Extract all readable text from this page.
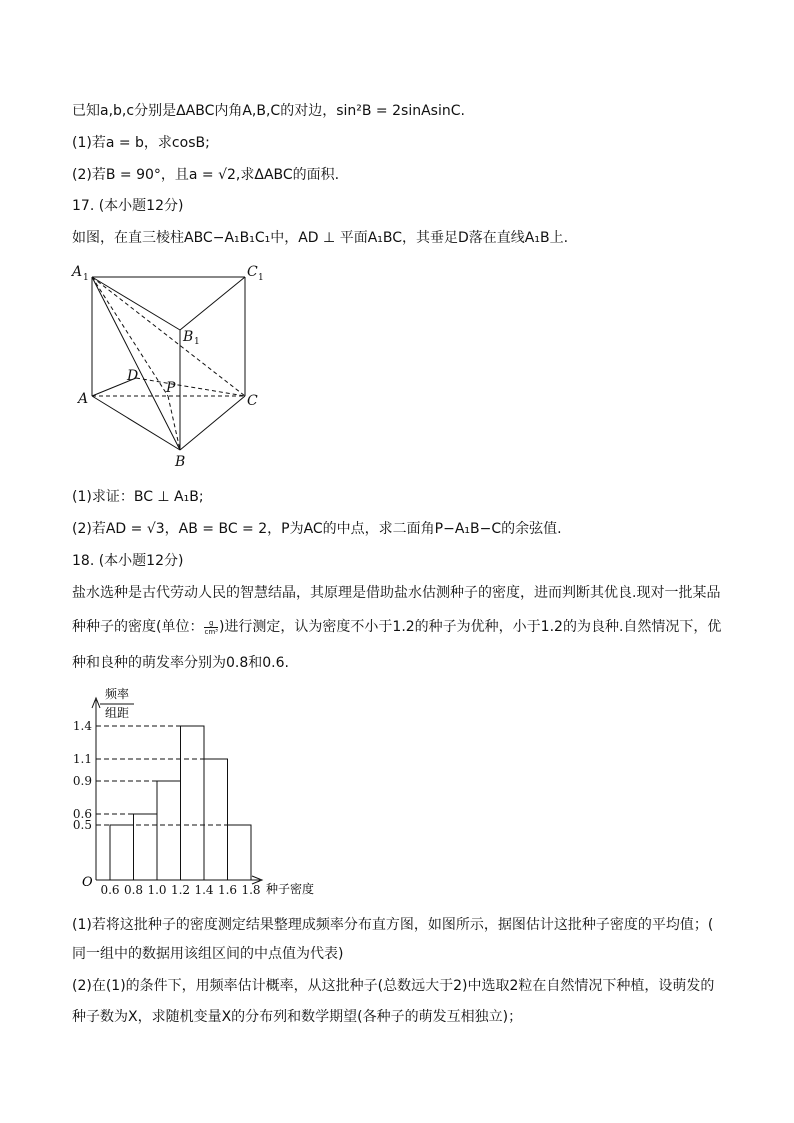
已知a,b,c分别是ΔABC内角A,B,C的对边，sin²B = 2sinAsinC.
(1)若a = b，求cosB;
(2)若B = 90°，且a = √2,求ΔABC的面积.
17. (本小题12分)
如图，在直三棱柱ABC−A₁B₁C₁中，AD ⊥ 平面A₁BC，其垂足D落在直线A₁B上.
A 1	C 1
B 1
D
P
A	C
B
(1)求证：BC ⊥ A₁B;
(2)若AD = √3，AB = BC = 2，P为AC的中点，求二面角P−A₁B−C的余弦值.
18. (本小题12分)
盐水选种是古代劳动人民的智慧结晶，其原理是借助盐水估测种子的密度，进而判断其优良.现对一批某品
种种子的密度(单位： $\frac{g}{\text{cm³}}$ )进行测定，认为密度不小于1.2的种子为优种，小于1.2的为良种.自然情况下，优
种和良种的萌发率分别为0.8和0.6.
频率
组距
O	种子密度
0.5
0.6
0.9
1.1
1.4
0.6 0.8 1.0 1.2 1.4 1.6 1.8
(1)若将这批种子的密度测定结果整理成频率分布直方图，如图所示，据图估计这批种子密度的平均值；(
同一组中的数据用该组区间的中点值为代表)
(2)在(1)的条件下，用频率估计概率，从这批种子(总数远大于2)中选取2粒在自然情况下种植，设萌发的
种子数为X，求随机变量X的分布列和数学期望(各种子的萌发互相独立)；
